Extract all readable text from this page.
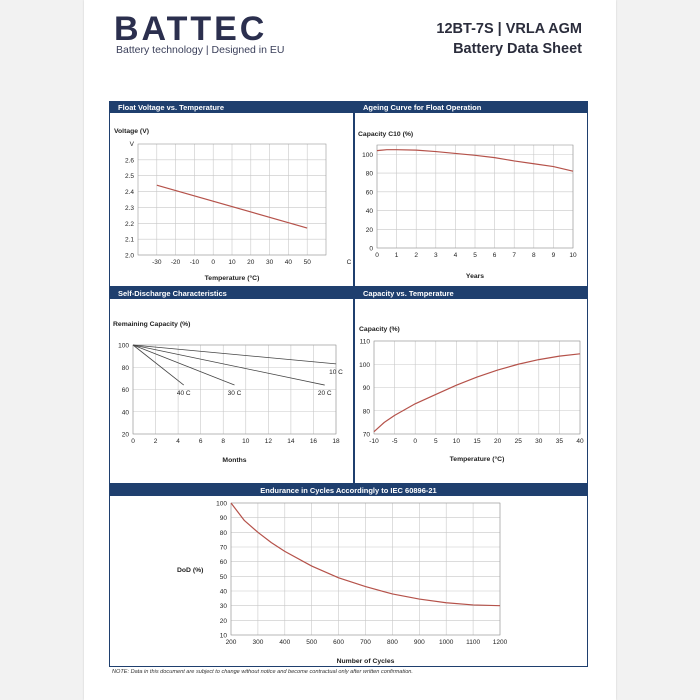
BATTEC
Battery technology | Designed in EU
12BT-7S | VRLA AGM
Battery Data Sheet
Float Voltage vs. Temperature
-30 -20 -10 0 10 20 30 40 50
2.0
2.1
2.2
2.3
2.4
2.5
2.6
V
C
Voltage (V)
Temperature (°C)
Ageing Curve for Float Operation
0 1 2 3 4 5 6 7 8 9 10
0
20
40
60
80
100
Capacity C10 (%)
Years
Self-Discharge Characteristics
0	2	4	6	8	10 12 14 16 18
20
40
60
80
100
Remaining Capacity (%)
Months
40 C	30 C	20 C
10 C
Capacity vs. Temperature
-10 -5 0	5 10 15 20 25 30 35 40
70
80
90
100
110
Capacity (%)
Temperature (°C)
Endurance in Cycles Accordingly to IEC 60896-21
200 300 400 500 600 700 800 900 1000 1100 1200
10
20
30
40
50
60
70
80
90
100
DoD (%)
Number of Cycles
NOTE: Data in this document are subject to change without notice and become contractual only after written confirmation.
